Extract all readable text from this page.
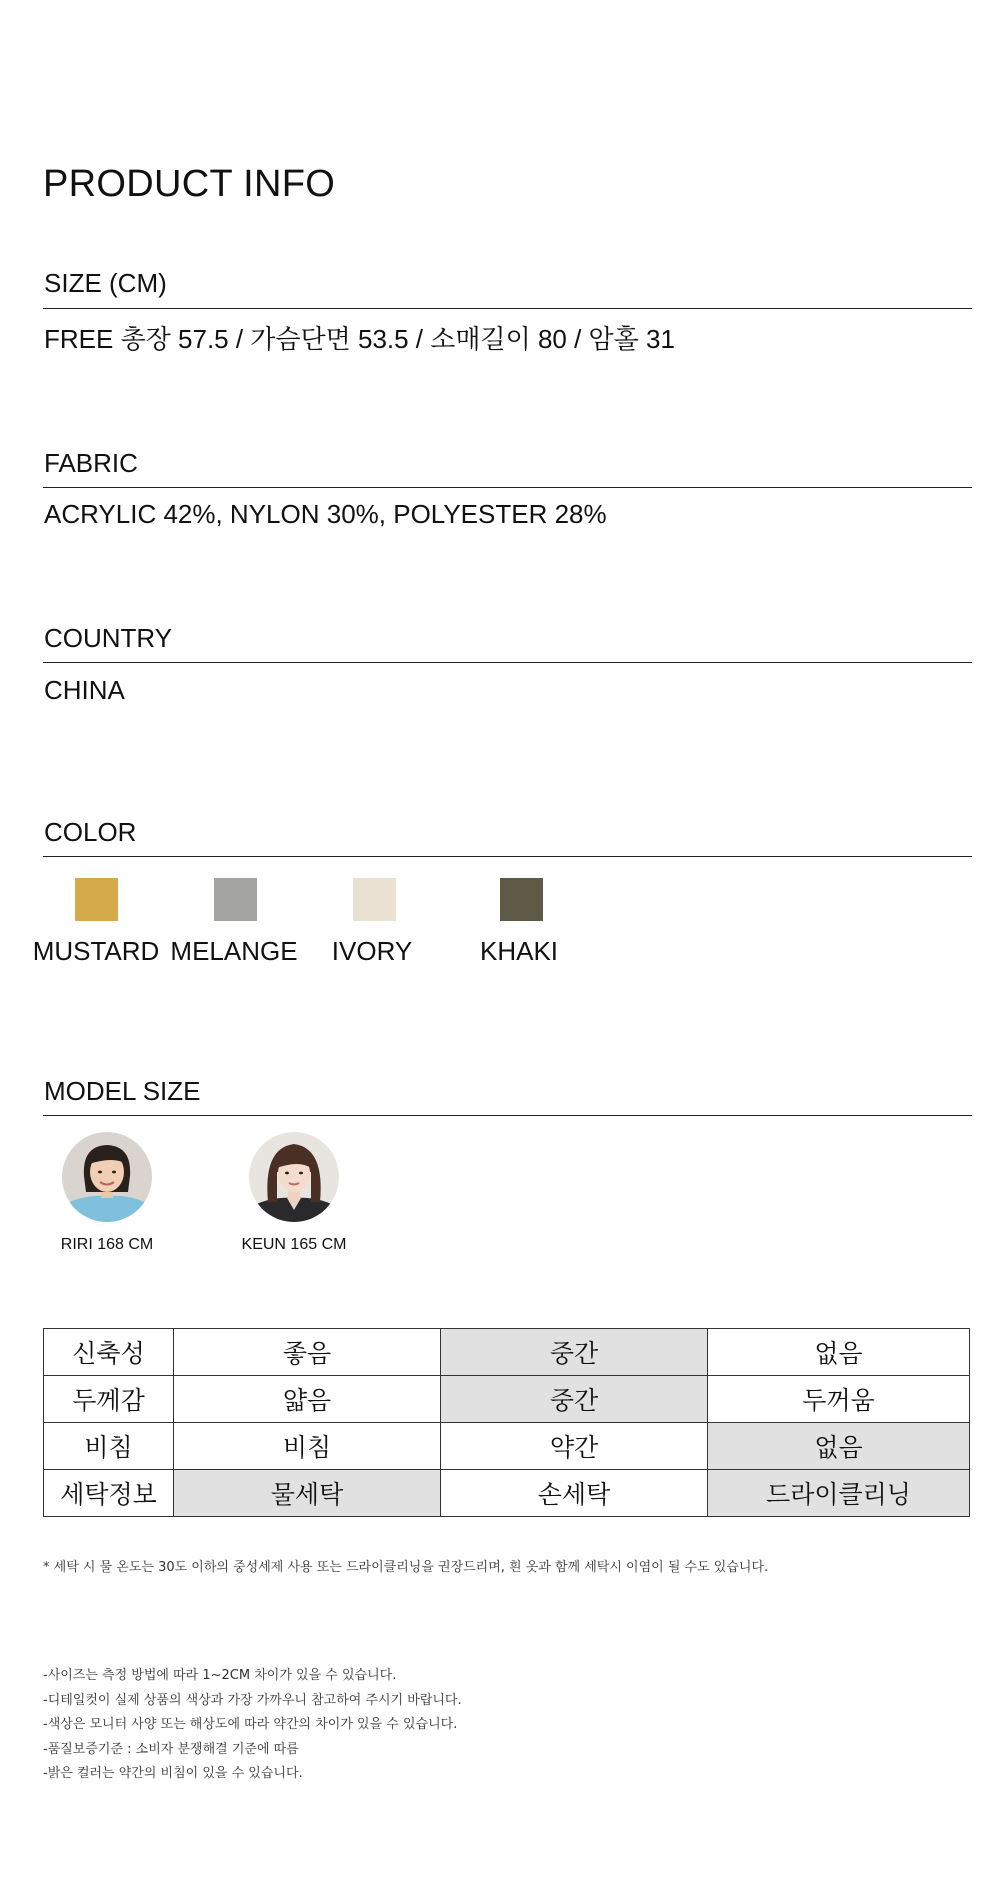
PRODUCT INFO
SIZE (CM)
FREE 총장 57.5 / 가슴단면 53.5 / 소매길이 80 / 암홀 31
FABRIC
ACRYLIC 42%, NYLON 30%, POLYESTER 28%
COUNTRY
CHINA
COLOR
MUSTARD MELANGE	IVORY	KHAKI
MODEL SIZE
RIRI 168 CM	KEUN 165 CM
신축성	좋음	중간	없음
두께감	얇음	중간	두꺼움
비침	비침	약간	없음
세탁정보	물세탁	손세탁	드라이클리닝
* 세탁 시 물 온도는 30도 이하의 중성세제 사용 또는 드라이클리닝을 권장드리며, 흰 옷과 함께 세탁시 이염이 될 수도 있습니다.
-사이즈는 측정 방법에 따라 1~2CM 차이가 있을 수 있습니다.
-디테일컷이 실제 상품의 색상과 가장 가까우니 참고하여 주시기 바랍니다.
-색상은 모니터 사양 또는 해상도에 따라 약간의 차이가 있을 수 있습니다.
-품질보증기준 : 소비자 분쟁해결 기준에 따름
-밝은 컬러는 약간의 비침이 있을 수 있습니다.
